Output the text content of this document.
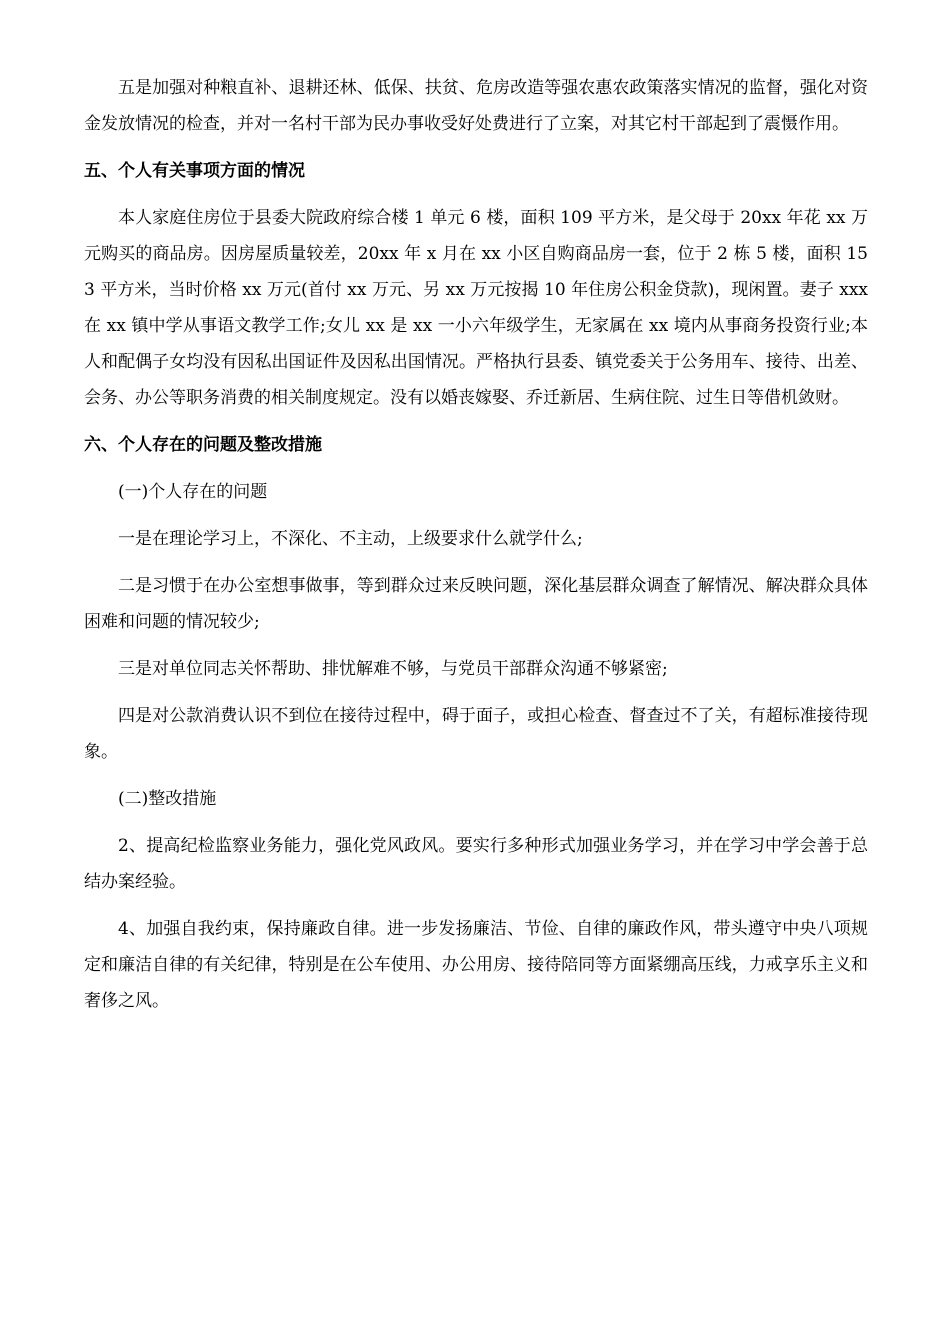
五是加强对种粮直补、退耕还林、低保、扶贫、危房改造等强农惠农政策落实情况的监督，强化对资金发放情况的检查，并对一名村干部为民办事收受好处费进行了立案，对其它村干部起到了震慑作用。

五、个人有关事项方面的情况

本人家庭住房位于县委大院政府综合楼 1 单元 6 楼，面积 109 平方米，是父母于 20xx 年花 xx 万元购买的商品房。因房屋质量较差，20xx 年 x 月在 xx 小区自购商品房一套，位于 2 栋 5 楼，面积 153 平方米，当时价格 xx 万元(首付 xx 万元、另 xx 万元按揭 10 年住房公积金贷款)，现闲置。妻子 xxx 在 xx 镇中学从事语文教学工作;女儿 xx 是 xx 一小六年级学生，无家属在 xx 境内从事商务投资行业;本人和配偶子女均没有因私出国证件及因私出国情况。严格执行县委、镇党委关于公务用车、接待、出差、会务、办公等职务消费的相关制度规定。没有以婚丧嫁娶、乔迁新居、生病住院、过生日等借机敛财。

六、个人存在的问题及整改措施

(一)个人存在的问题

一是在理论学习上，不深化、不主动，上级要求什么就学什么;

二是习惯于在办公室想事做事，等到群众过来反映问题，深化基层群众调查了解情况、解决群众具体困难和问题的情况较少;

三是对单位同志关怀帮助、排忧解难不够，与党员干部群众沟通不够紧密;

四是对公款消费认识不到位在接待过程中，碍于面子，或担心检查、督查过不了关，有超标准接待现象。

(二)整改措施

2、提高纪检监察业务能力，强化党风政风。要实行多种形式加强业务学习，并在学习中学会善于总结办案经验。

4、加强自我约束，保持廉政自律。进一步发扬廉洁、节俭、自律的廉政作风，带头遵守中央八项规定和廉洁自律的有关纪律，特别是在公车使用、办公用房、接待陪同等方面紧绷高压线，力戒享乐主义和奢侈之风。
